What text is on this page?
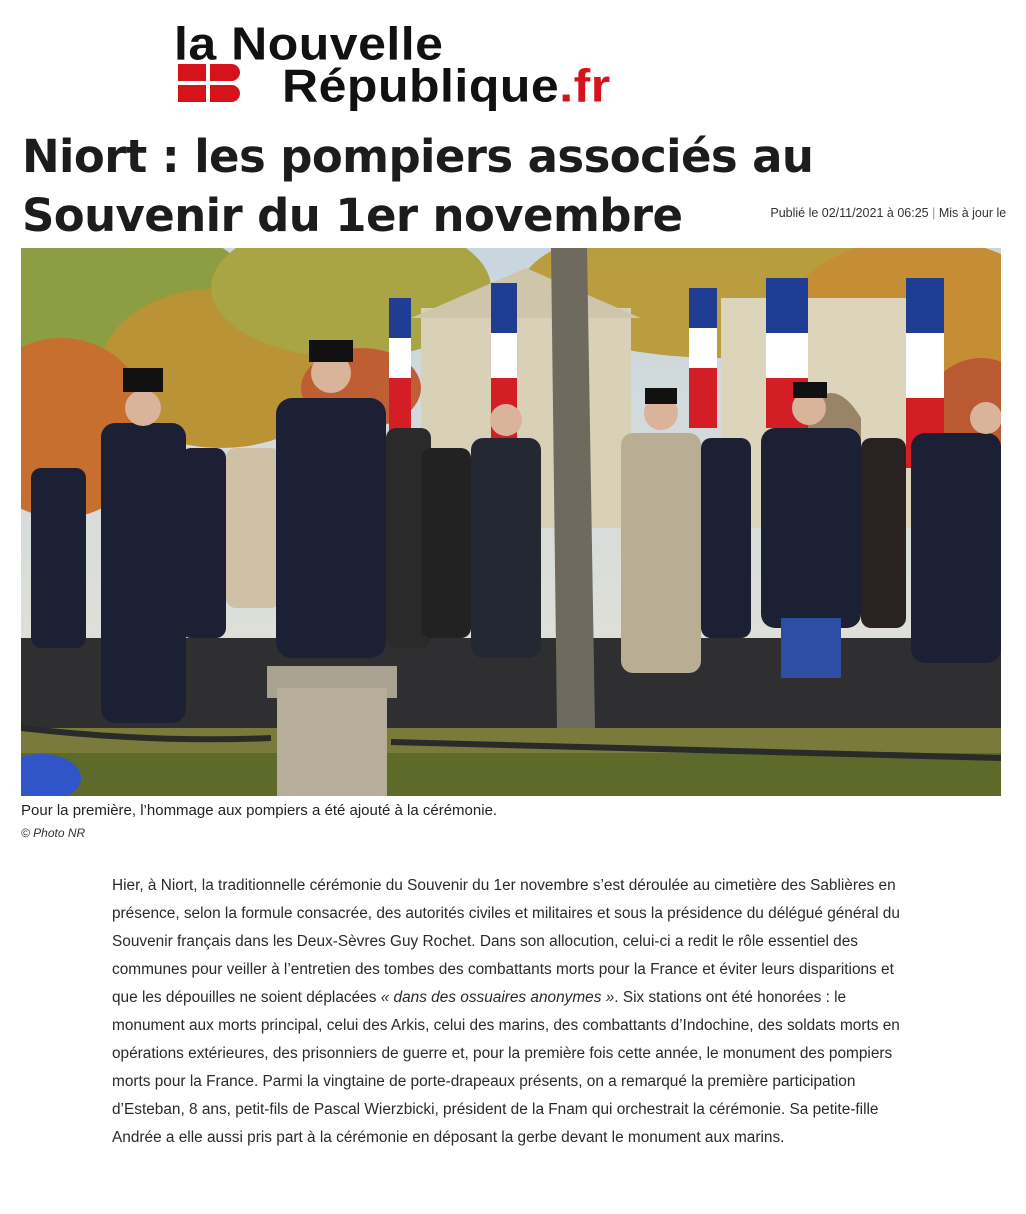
la Nouvelle
République.fr
Niort : les pompiers associés au Souvenir du 1er novembre	$^{Publié le 02/11/2021 à 06:25 | Mis à jour le}$

Pour la première, l’hommage aux pompiers a été ajouté à la cérémonie.

© Photo NR

Hier, à Niort, la traditionnelle cérémonie du Souvenir du 1er novembre s’est déroulée au cimetière des Sablières en présence, selon la formule consacrée, des autorités civiles et militaires et sous la présidence du délégué général du Souvenir français dans les Deux-Sèvres Guy Rochet. Dans son allocution, celui-ci a redit le rôle essentiel des communes pour veiller à l’entretien des tombes des combattants morts pour la France et éviter leurs disparitions et que les dépouilles ne soient déplacées « dans des ossuaires anonymes ». Six stations ont été honorées : le monument aux morts principal, celui des Arkis, celui des marins, des combattants d’Indochine, des soldats morts en opérations extérieures, des prisonniers de guerre et, pour la première fois cette année, le monument des pompiers morts pour la France. Parmi la vingtaine de porte-drapeaux présents, on a remarqué la première participation d’Esteban, 8 ans, petit-fils de Pascal Wierzbicki, président de la Fnam qui orchestrait la cérémonie. Sa petite-fille Andrée a elle aussi pris part à la cérémonie en déposant la gerbe devant le monument aux marins.
